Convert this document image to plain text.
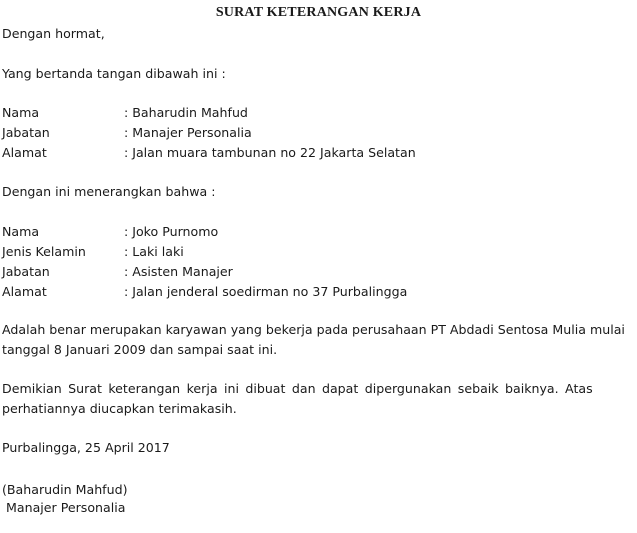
SURAT KETERANGAN KERJA
Dengan hormat,
Yang bertanda tangan dibawah ini :
Nama	: Baharudin Mahfud
Jabatan	: Manajer Personalia
Alamat	: Jalan muara tambunan no 22 Jakarta Selatan
Dengan ini menerangkan bahwa :
Nama	: Joko Purnomo
Jenis Kelamin	: Laki laki
Jabatan	: Asisten Manajer
Alamat	: Jalan jenderal soedirman no 37 Purbalingga
Adalah benar merupakan karyawan yang bekerja pada perusahaan PT Abdadi Sentosa Mulia mulai
tanggal 8 Januari 2009 dan sampai saat ini.
Demikian Surat keterangan kerja ini dibuat dan dapat dipergunakan sebaik baiknya. Atas
perhatiannya diucapkan terimakasih.
Purbalingga, 25 April 2017
(Baharudin Mahfud)
Manajer Personalia
